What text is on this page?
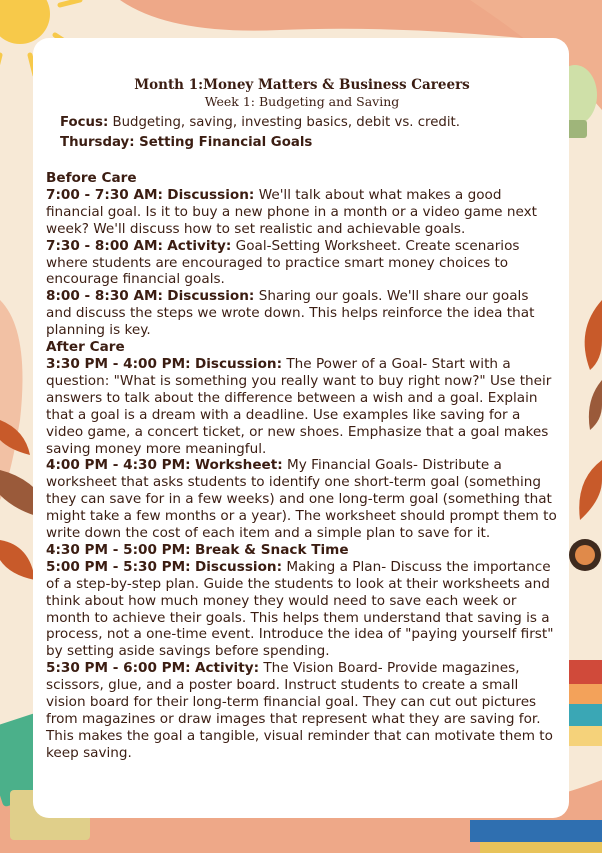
Month 1:Money Matters & Business Careers

Week 1: Budgeting and Saving

Focus: Budgeting, saving, investing basics, debit vs. credit.
Thursday: Setting Financial Goals
Before Care

7:00 - 7:30 AM: Discussion: We'll talk about what makes a good financial goal. Is it to buy a new phone in a month or a video game next week? We'll discuss how to set realistic and achievable goals.

7:30 - 8:00 AM: Activity: Goal-Setting Worksheet. Create scenarios where students are encouraged to practice smart money choices to encourage financial goals.

8:00 - 8:30 AM: Discussion: Sharing our goals. We'll share our goals and discuss the steps we wrote down. This helps reinforce the idea that planning is key.

After Care

3:30 PM - 4:00 PM: Discussion: The Power of a Goal- Start with a question: "What is something you really want to buy right now?" Use their answers to talk about the difference between a wish and a goal. Explain that a goal is a dream with a deadline. Use examples like saving for a video game, a concert ticket, or new shoes. Emphasize that a goal makes saving money more meaningful.

4:00 PM - 4:30 PM: Worksheet: My Financial Goals- Distribute a worksheet that asks students to identify one short-term goal (something they can save for in a few weeks) and one long-term goal (something that might take a few months or a year). The worksheet should prompt them to write down the cost of each item and a simple plan to save for it.

4:30 PM - 5:00 PM: Break & Snack Time

5:00 PM - 5:30 PM: Discussion: Making a Plan- Discuss the importance of a step-by-step plan. Guide the students to look at their worksheets and think about how much money they would need to save each week or month to achieve their goals. This helps them understand that saving is a process, not a one-time event. Introduce the idea of "paying yourself first" by setting aside savings before spending.

5:30 PM - 6:00 PM: Activity: The Vision Board- Provide magazines, scissors, glue, and a poster board. Instruct students to create a small vision board for their long-term financial goal. They can cut out pictures from magazines or draw images that represent what they are saving for. This makes the goal a tangible, visual reminder that can motivate them to keep saving.
